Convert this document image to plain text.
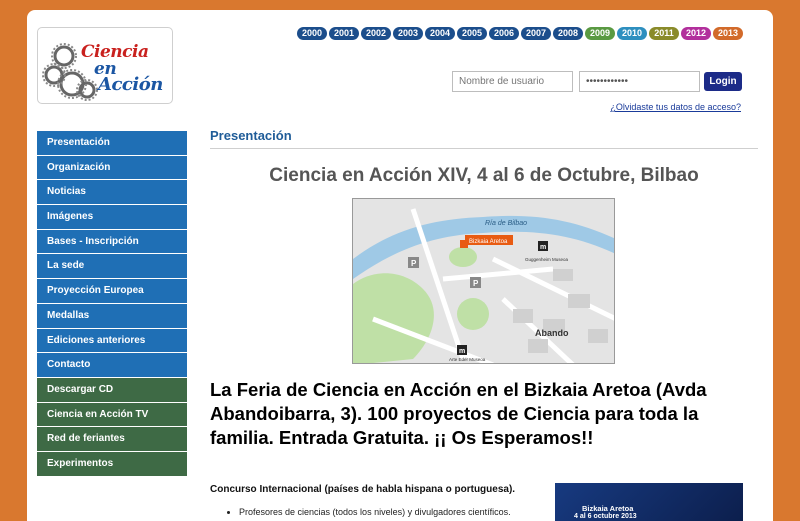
Ciencia
en
Acción
2000	2001	2002	2003	2004	2005	2006	2007	2008	2009	2010	2011	2012	2013
Nombre de usuario
Login
¿Olvidaste tus datos de acceso?
Presentación
Organización
Noticias
Imágenes
Bases - Inscripción
La sede
Proyección Europea
Medallas
Ediciones anteriores
Contacto
Descargar CD
Ciencia en Acción TV
Red de feriantes
Experimentos
Presentación
Ciencia en Acción XIV, 4 al 6 de Octubre, Bilbao
Bizkaia Aretoa
Ría de Bilbao
m
Guggenheim Museoa
m
Arte Eder Museoa
P
P
Abando
La Feria de Ciencia en Acción en el Bizkaia Aretoa (Avda Abandoibarra, 3). 100 proyectos de Ciencia para toda la familia. Entrada Gratuita. ¡¡ Os Esperamos!!
Concurso Internacional (países de habla hispana o portuguesa).
• Profesores de ciencias (todos los niveles) y divulgadores científicos.	Bizkaia Aretoa
4 al 6 octubre 2013
